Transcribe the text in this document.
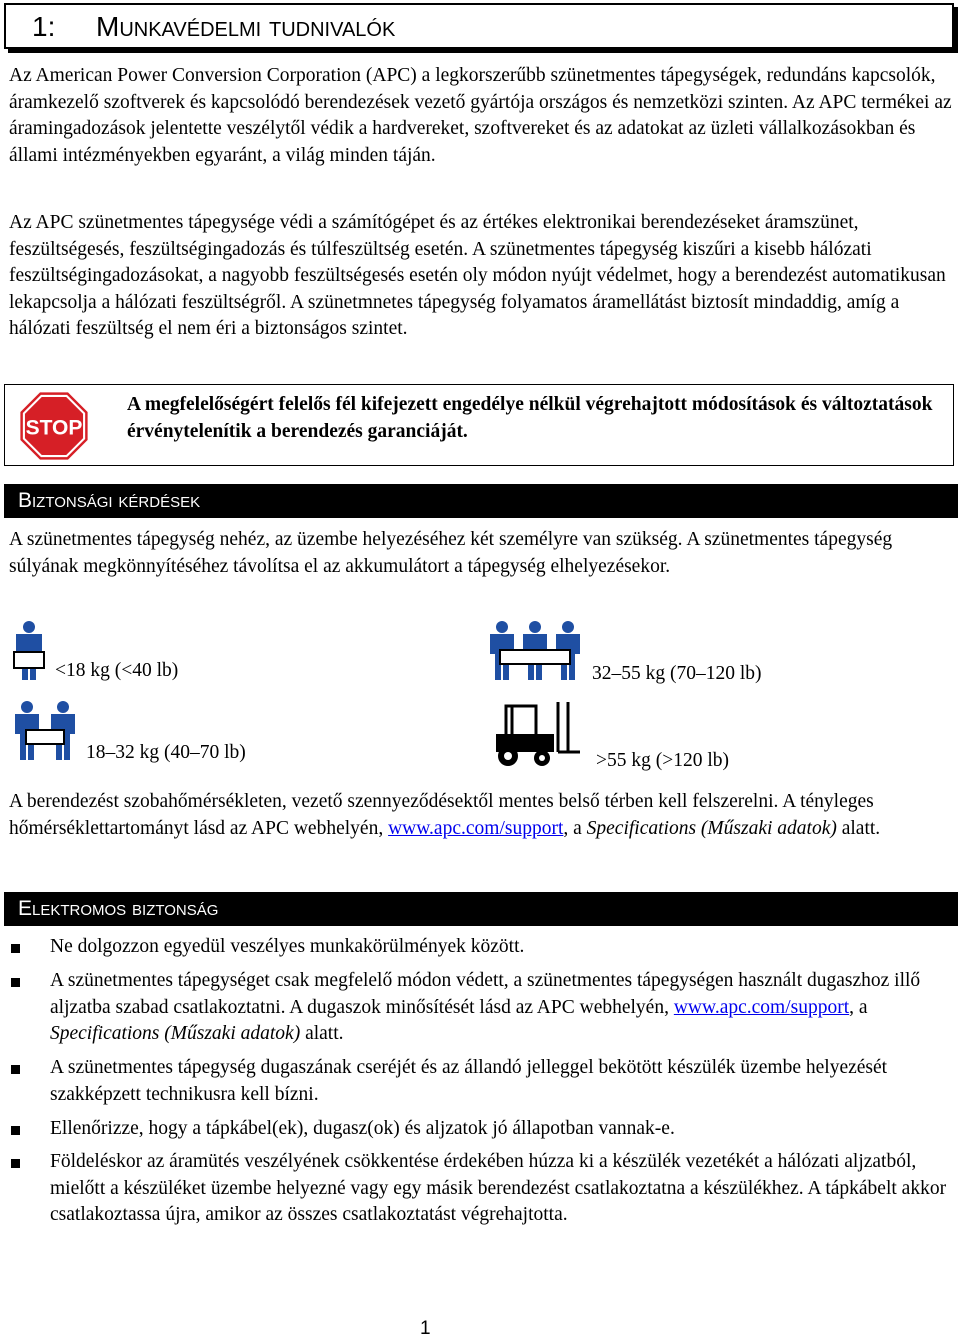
1: Munkavédelmi tudnivalók

Az American Power Conversion Corporation (APC) a legkorszerűbb szünetmentes tápegységek, redundáns kapcsolók, áramkezelő szoftverek és kapcsolódó berendezések vezető gyártója országos és nemzetközi szinten. Az APC termékei az áramingadozások jelentette veszélytől védik a hardvereket, szoftvereket és az adatokat az üzleti vállalkozásokban és állami intézményekben egyaránt, a világ minden táján.

Az APC szünetmentes tápegysége védi a számítógépet és az értékes elektronikai berendezéseket áramszünet, feszültségesés, feszültségingadozás és túlfeszültség esetén. A szünetmentes tápegység kiszűri a kisebb hálózati feszültségingadozásokat, a nagyobb feszültségesés esetén oly módon nyújt védelmet, hogy a berendezést automatikusan lekapcsolja a hálózati feszültségről. A szünetmnetes tápegység folyamatos áramellátást biztosít mindaddig, amíg a hálózati feszültség el nem éri a biztonságos szintet.

STOP

A megfelelőségért felelős fél kifejezett engedélye nélkül végrehajtott módosítások és változtatások érvénytelenítik a berendezés garanciáját.

Biztonsági kérdések

A szünetmentes tápegység nehéz, az üzembe helyezéséhez két személyre van szükség. A szünetmentes tápegység súlyának megkönnyítéséhez távolítsa el az akkumulátort a tápegység elhelyezésekor.

<18 kg (<40 lb)	32–55 kg (70–120 lb)
18–32 kg (40–70 lb)	>55 kg (>120 lb)

A berendezést szobahőmérsékleten, vezető szennyeződésektől mentes belső térben kell felszerelni. A tényleges hőmérséklettartományt lásd az APC webhelyén, www.apc.com/support, a Specifications (Műszaki adatok) alatt.

Elektromos biztonság

Ne dolgozzon egyedül veszélyes munkakörülmények között.

A szünetmentes tápegységet csak megfelelő módon védett, a szünetmentes tápegységen használt dugaszhoz illő aljzatba szabad csatlakoztatni. A dugaszok minősítését lásd az APC webhelyén, www.apc.com/support, a Specifications (Műszaki adatok) alatt.

A szünetmentes tápegység dugaszának cseréjét és az állandó jelleggel bekötött készülék üzembe helyezését szakképzett technikusra kell bízni.

Ellenőrizze, hogy a tápkábel(ek), dugasz(ok) és aljzatok jó állapotban vannak-e.

Földeléskor az áramütés veszélyének csökkentése érdekében húzza ki a készülék vezetékét a hálózati aljzatból, mielőtt a készüléket üzembe helyezné vagy egy másik berendezést csatlakoztatna a készülékhez. A tápkábelt akkor csatlakoztassa újra, amikor az összes csatlakoztatást végrehajtotta.

1
